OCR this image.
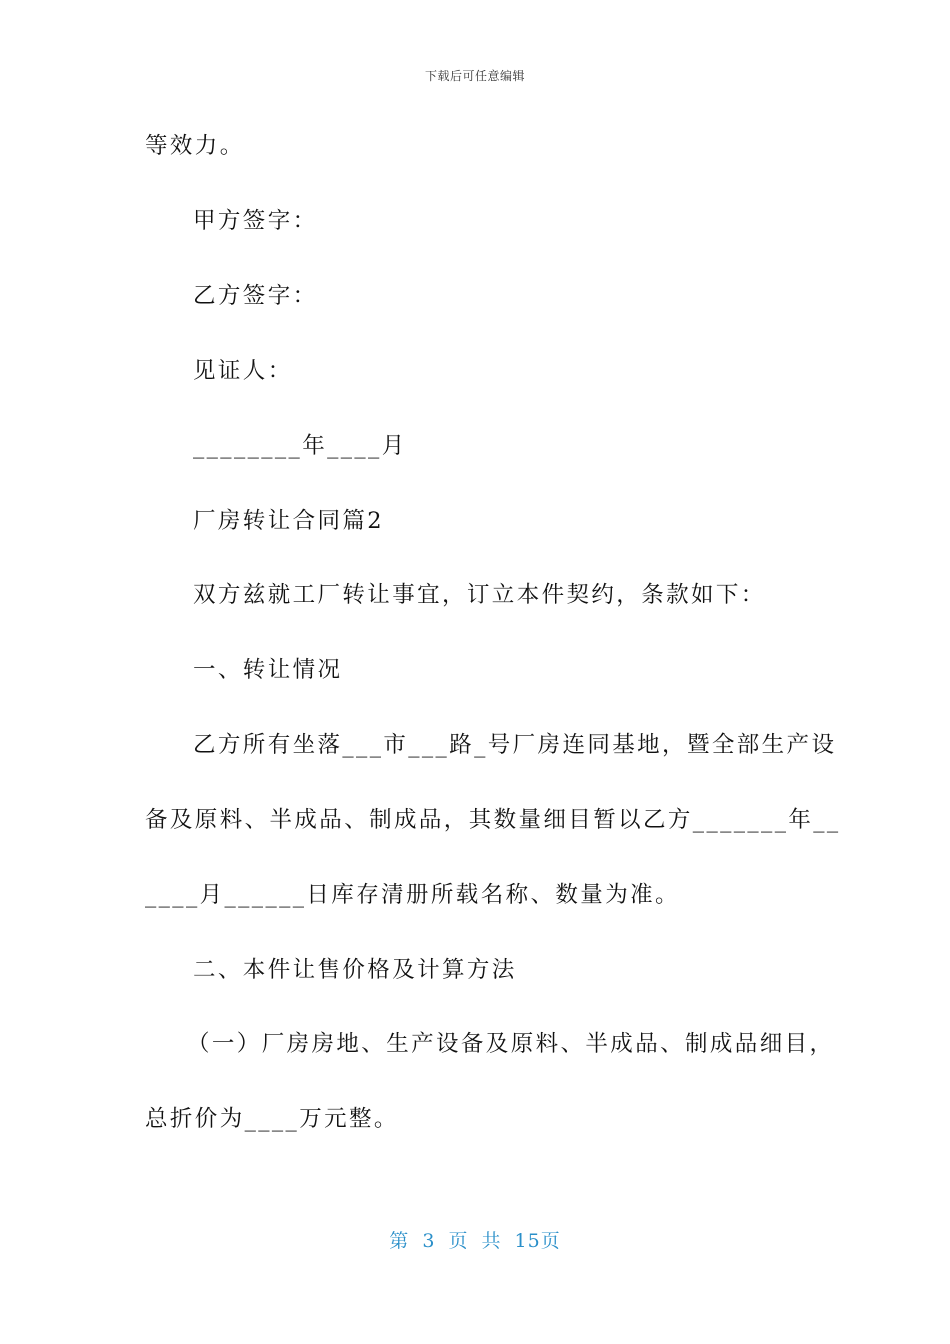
下载后可任意编辑
等效力。
甲方签字：
乙方签字：
见证人：
________年____月
厂房转让合同篇2
双方兹就工厂转让事宜，订立本件契约，条款如下：
一、转让情况
乙方所有坐落___市___路_号厂房连同基地，暨全部生产设
备及原料、半成品、制成品，其数量细目暂以乙方_______年__
____月______日库存清册所载名称、数量为准。
二、本件让售价格及计算方法
（一）厂房房地、生产设备及原料、半成品、制成品细目，
总折价为____万元整。
第 3 页 共 15页
